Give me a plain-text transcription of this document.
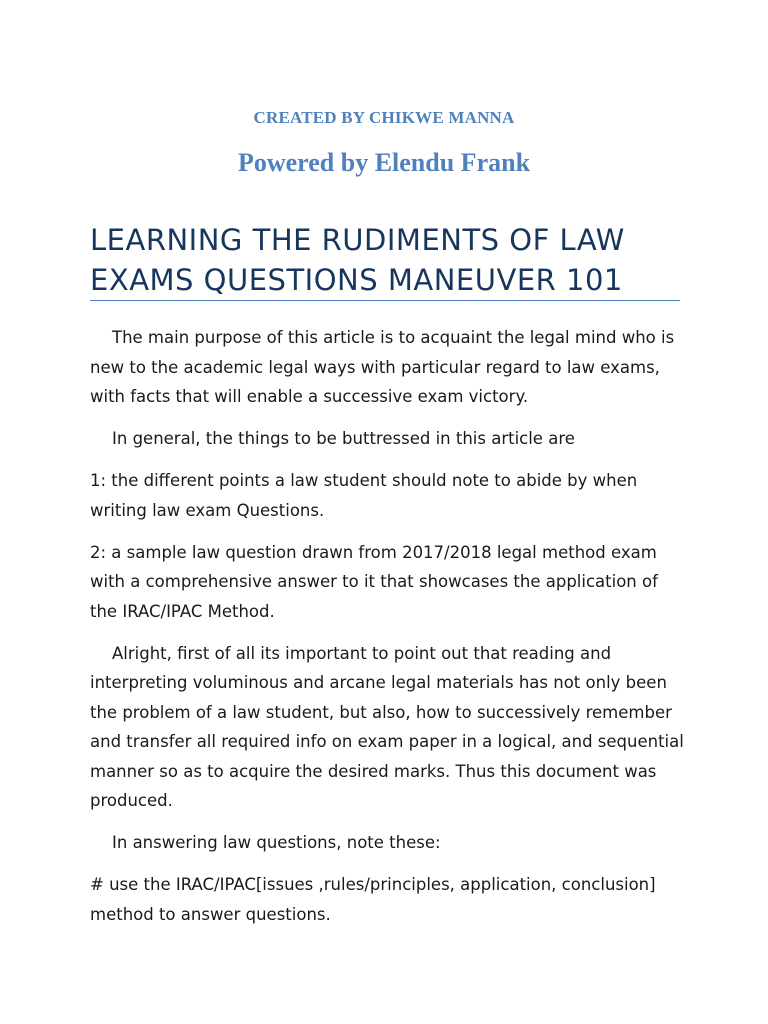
CREATED BY CHIKWE MANNA
Powered by Elendu Frank
LEARNING THE RUDIMENTS OF LAW EXAMS QUESTIONS MANEUVER 101

The main purpose of this article is to acquaint the legal mind who is new to the academic legal ways with particular regard to law exams, with facts that will enable a successive exam victory.

In general, the things to be buttressed in this article are

1: the different points a law student should note to abide by when writing law exam Questions.

2: a sample law question drawn from 2017/2018 legal method exam with a comprehensive answer to it that showcases the application of the IRAC/IPAC Method.

Alright, first of all its important to point out that reading and interpreting voluminous and arcane legal materials has not only been the problem of a law student, but also, how to successively remember and transfer all required info on exam paper in a logical, and sequential manner so as to acquire the desired marks. Thus this document was produced.

In answering law questions, note these:

# use the IRAC/IPAC[issues ,rules/principles, application, conclusion] method to answer questions.
